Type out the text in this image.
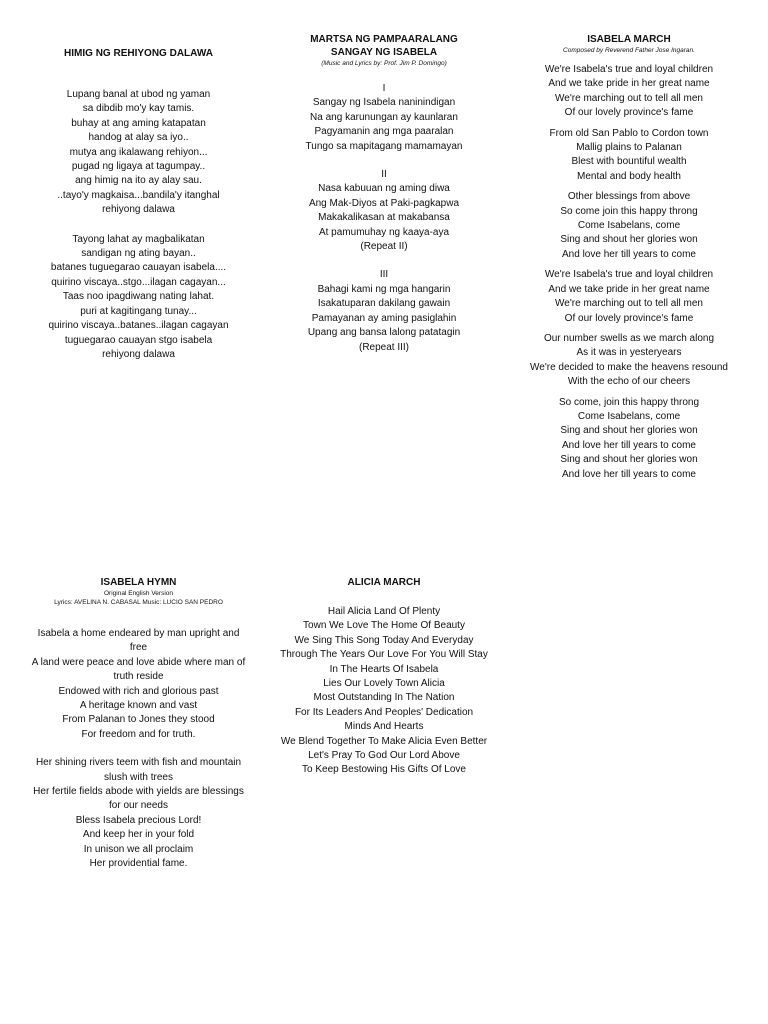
HIMIG NG REHIYONG DALAWA
Lupang banal at ubod ng yaman
sa dibdib mo'y kay tamis.
buhay at ang aming katapatan
handog at alay sa iyo..
mutya ang ikalawang rehiyon...
pugad ng ligaya at tagumpay..
ang himig na ito ay alay sau.
..tayo'y magkaisa...bandila'y itanghal
rehiyong dalawa
Tayong lahat ay magbalikatan
sandigan ng ating bayan..
batanes tuguegarao cauayan isabela....
quirino viscaya..stgo...ilagan cagayan...
Taas noo ipagdiwang nating lahat.
puri at kagitingang tunay...
quirino viscaya..batanes..ilagan cagayan
tuguegarao cauayan stgo isabela
rehiyong dalawa
MARTSA NG PAMPAARALANG
SANGAY NG ISABELA
(Music and Lyrics by: Prof. Jim P. Domingo)
I
Sangay ng Isabela naninindigan
Na ang karunungan ay kaunlaran
Pagyamanin ang mga paaralan
Tungo sa mapitagang mamamayan
II
Nasa kabuuan ng aming diwa
Ang Mak-Diyos at Paki-pagkapwa
Makakalikasan at makabansa
At pamumuhay ng kaaya-aya
(Repeat II)
III
Bahagi kami ng mga hangarin
Isakatuparan dakilang gawain
Pamayanan ay aming pasiglahin
Upang ang bansa lalong patatagin
(Repeat III)
ISABELA MARCH
Composed by Reverend Father Jose Ingaran.
We're Isabela's true and loyal children
And we take pride in her great name
We're marching out to tell all men
Of our lovely province's fame
From old San Pablo to Cordon town
Mallig plains to Palanan
Blest with bountiful wealth
Mental and body health
Other blessings from above
So come join this happy throng
Come Isabelans, come
Sing and shout her glories won
And love her till years to come
We're Isabela's true and loyal children
And we take pride in her great name
We're marching out to tell all men
Of our lovely province's fame
Our number swells as we march along
As it was in yesteryears
We're decided to make the heavens resound
With the echo of our cheers
So come, join this happy throng
Come Isabelans, come
Sing and shout her glories won
And love her till years to come
Sing and shout her glories won
And love her till years to come
ISABELA HYMN
Original English Version
Lyrics: AVELINA N. CABASAL Music: LUCIO SAN PEDRO
Isabela a home endeared by man upright and free
A land were peace and love abide where man of truth reside
Endowed with rich and glorious past
A heritage known and vast
From Palanan to Jones they stood
For freedom and for truth.
Her shining rivers teem with fish and mountain slush with trees
Her fertile fields abode with yields are blessings for our needs
Bless Isabela precious Lord!
And keep her in your fold
In unison we all proclaim
Her providential fame.
ALICIA MARCH
Hail Alicia Land Of Plenty
Town We Love The Home Of Beauty
We Sing This Song Today And Everyday
Through The Years Our Love For You Will Stay
In The Hearts Of Isabela
Lies Our Lovely Town Alicia
Most Outstanding In The Nation
For Its Leaders And Peoples' Dedication
Minds And Hearts
We Blend Together To Make Alicia Even Better
Let's Pray To God Our Lord Above
To Keep Bestowing His Gifts Of Love
